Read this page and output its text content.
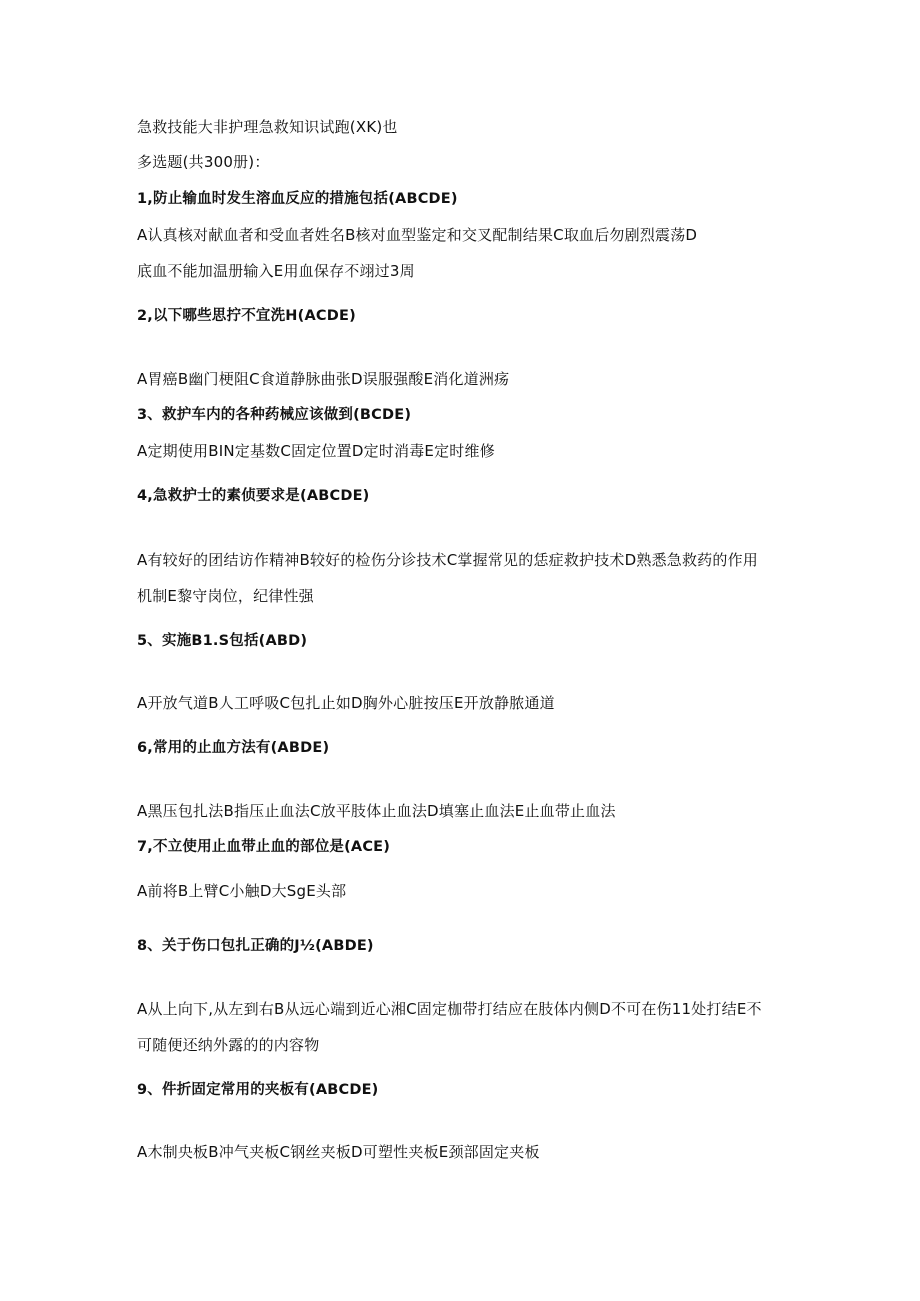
急救技能大非护理急救知识试跑(XK)也
多选题(共300册)：
1,防止输血时发生溶血反应的措施包括(ABCDE)
A认真核对献血者和受血者姓名B核对血型鉴定和交叉配制结果C取血后勿剧烈震荡D
底血不能加温册输入E用血保存不翊过3周
2,以下哪些思拧不宜洗H(ACDE)
A胃癌B幽门梗阻C食道静脉曲张D误服强酸E消化道洲疡
3、救护车内的各种药械应该做到(BCDE)
A定期使用BIN定基数C固定位置D定时消毒E定时维修
4,急救护士的素侦要求是(ABCDE)
A有较好的团结访作精神B较好的检伤分诊技术C掌握常见的恁症救护技术D熟悉急救药的作用
机制E黎守岗位，纪律性强
5、实施B1.S包括(ABD)
A开放气道B人工呼吸C包扎止如D胸外心脏按压E开放静脓通道
6,常用的止血方法有(ABDE)
A黑压包扎法B指压止血法C放平肢体止血法D填塞止血法E止血带止血法
7,不立使用止血带止血的部位是(ACE)
A前将B上臂C小触D大SgE头部
8、关于伤口包扎正确的J½(ABDE)
A从上向下,从左到右B从远心端到近心湘C固定枷带打结应在肢体内侧D不可在伤11处打结E不
可随便还纳外露的的内容物
9、件折固定常用的夹板有(ABCDE)
A木制央板B冲气夹板C钢丝夹板D可塑性夹板E颈部固定夹板
